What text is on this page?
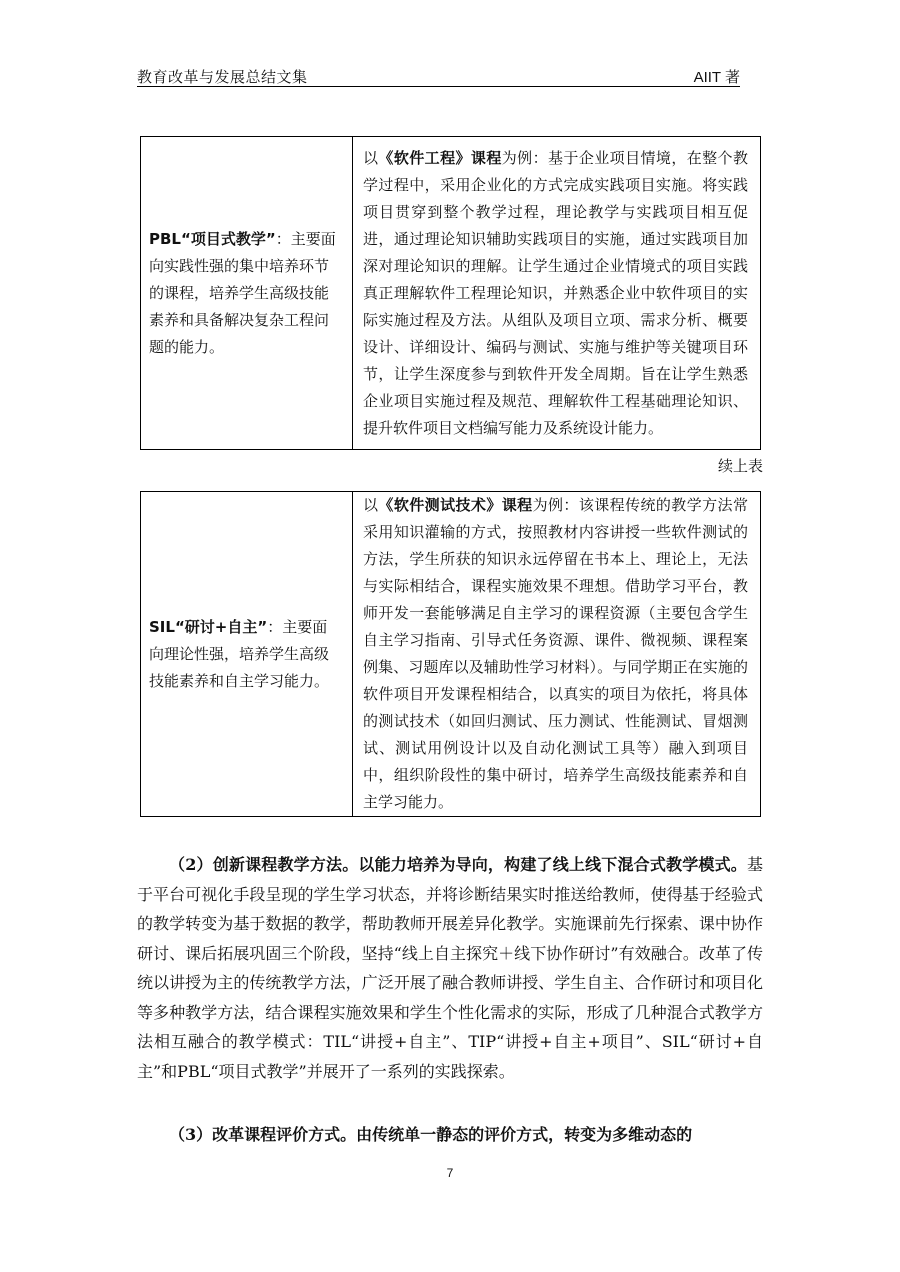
教育改革与发展总结文集	AIIT 著
PBL“项目式教学”：主要面向实践性强的集中培养环节的课程，培养学生高级技能素养和具备解决复杂工程问题的能力。	以《软件工程》课程为例：基于企业项目情境，在整个教学过程中，采用企业化的方式完成实践项目实施。将实践项目贯穿到整个教学过程，理论教学与实践项目相互促进，通过理论知识辅助实践项目的实施，通过实践项目加深对理论知识的理解。让学生通过企业情境式的项目实践真正理解软件工程理论知识，并熟悉企业中软件项目的实际实施过程及方法。从组队及项目立项、需求分析、概要设计、详细设计、编码与测试、实施与维护等关键项目环节，让学生深度参与到软件开发全周期。旨在让学生熟悉企业项目实施过程及规范、理解软件工程基础理论知识、提升软件项目文档编写能力及系统设计能力。
续上表
SIL“研讨+自主”：主要面向理论性强，培养学生高级技能素养和自主学习能力。	以《软件测试技术》课程为例：该课程传统的教学方法常采用知识灌输的方式，按照教材内容讲授一些软件测试的方法，学生所获的知识永远停留在书本上、理论上，无法与实际相结合，课程实施效果不理想。借助学习平台，教师开发一套能够满足自主学习的课程资源（主要包含学生自主学习指南、引导式任务资源、课件、微视频、课程案例集、习题库以及辅助性学习材料）。与同学期正在实施的软件项目开发课程相结合，以真实的项目为依托，将具体的测试技术（如回归测试、压力测试、性能测试、冒烟测试、测试用例设计以及自动化测试工具等）融入到项目中，组织阶段性的集中研讨，培养学生高级技能素养和自主学习能力。

（2）创新课程教学方法。以能力培养为导向，构建了线上线下混合式教学模式。基于平台可视化手段呈现的学生学习状态，并将诊断结果实时推送给教师，使得基于经验式的教学转变为基于数据的教学，帮助教师开展差异化教学。实施课前先行探索、课中协作研讨、课后拓展巩固三个阶段，坚持“线上自主探究＋线下协作研讨”有效融合。改革了传统以讲授为主的传统教学方法，广泛开展了融合教师讲授、学生自主、合作研讨和项目化等多种教学方法，结合课程实施效果和学生个性化需求的实际，形成了几种混合式教学方法相互融合的教学模式：TIL“讲授+自主”、TIP“讲授+自主+项目”、SIL“研讨+自主”和PBL“项目式教学”并展开了一系列的实践探索。

（3）改革课程评价方式。由传统单一静态的评价方式，转变为多维动态的

7
